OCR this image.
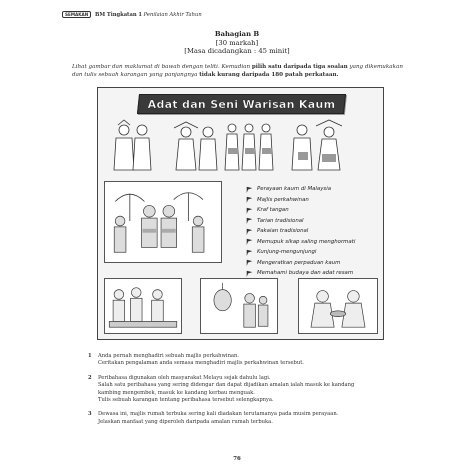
SEMAKAN BM Tingkatan 1 Penilaian Akhir Tahun
Bahagian B
[30 markah]
[Masa dicadangkan : 45 minit]
Lihat gambar dan maklumat di bawah dengan teliti. Kemudian pilih satu daripada tiga soalan yang dikemukakan dan tulis sebuah karangan yang panjangnya tidak kurang daripada 180 patah perkataan.
Adat dan Seni Warisan Kaum
Perayaan kaum di Malaysia
Majlis perkahwinan
Kraf tangan
Tarian tradisional
Pakaian tradisional
Memupuk sikap saling menghormati
Kunjung-mengunjungi
Mengeratkan perpaduan kaum
Memahami budaya dan adat resam
1	Anda pernah menghadiri sebuah majlis perkahwinan.

Ceritakan pengalaman anda semasa menghadiri majlis perkahwinan tersebut.

2	Peribahasa digunakan oleh masyarakat Melayu sejak dahulu lagi.

Salah satu peribahasa yang sering didengar dan dapat dijadikan amalan ialah masuk ke kandang

kambing mengembek, masuk ke kandang kerbau menguak.

Tulis sebuah karangan tentang peribahasa tersebut selengkapnya.

3	Dewasa ini, majlis rumah terbuka sering kali diadakan terutamanya pada musim perayaan.

Jelaskan manfaat yang diperoleh daripada amalan rumah terbuka.

76
